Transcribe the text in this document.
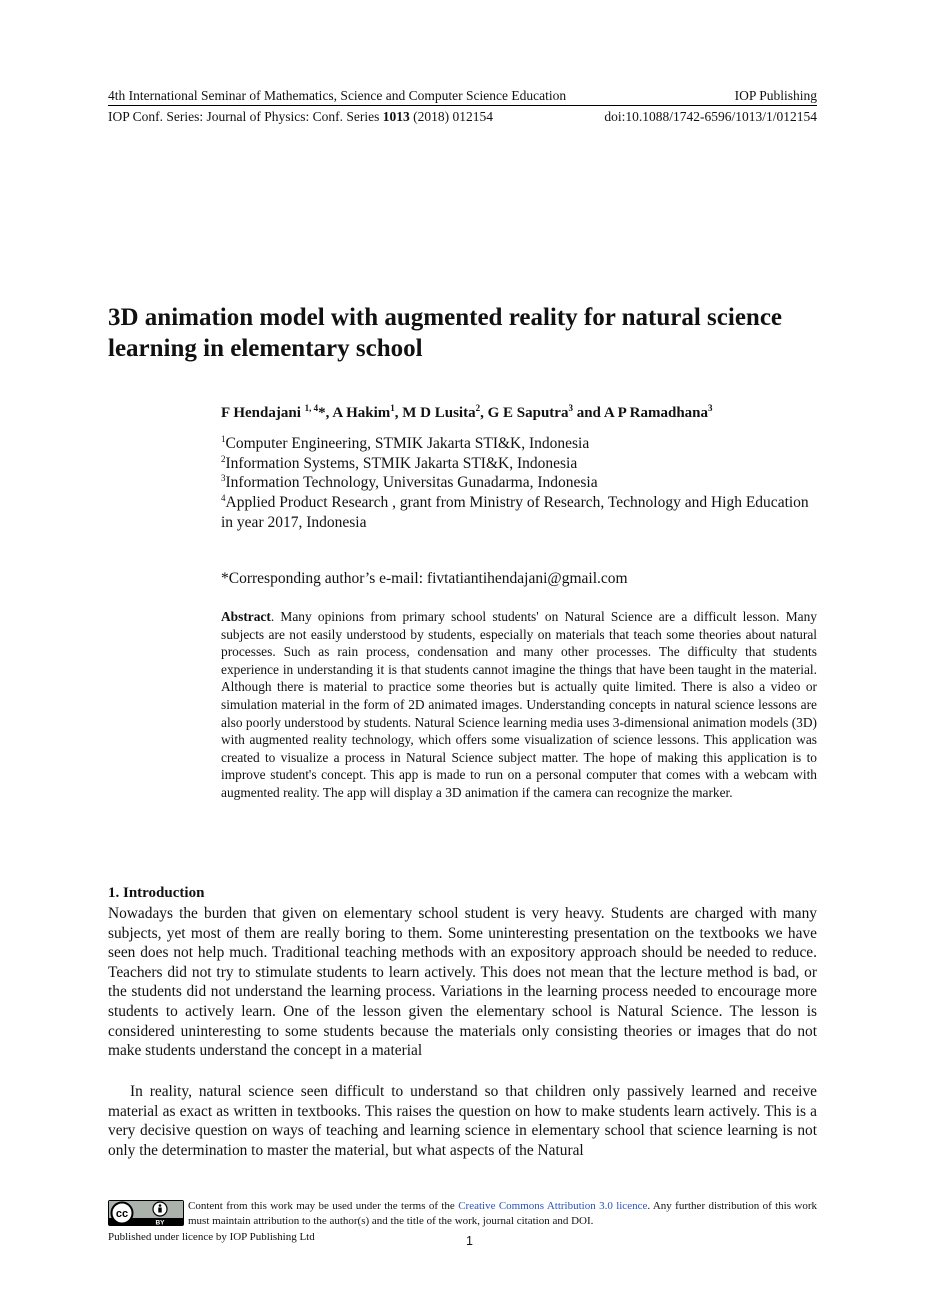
4th International Seminar of Mathematics, Science and Computer Science Education	IOP Publishing
IOP Conf. Series: Journal of Physics: Conf. Series 1013 (2018) 012154	doi:10.1088/1742-6596/1013/1/012154
3D animation model with augmented reality for natural science learning in elementary school
F Hendajani $^{1, 4}$*, A Hakim$^1$, M D Lusita$^2$, G E Saputra$^3$ and A P Ramadhana$^3$
$^1$Computer Engineering, STMIK Jakarta STI&K, Indonesia
$^2$Information Systems, STMIK Jakarta STI&K, Indonesia
$^3$Information Technology, Universitas Gunadarma, Indonesia
$^4$Applied Product Research , grant from Ministry of Research, Technology and High Education in year 2017, Indonesia
*Corresponding author’s e-mail: fivtatiantihendajani@gmail.com
Abstract. Many opinions from primary school students' on Natural Science are a difficult lesson. Many subjects are not easily understood by students, especially on materials that teach some theories about natural processes. Such as rain process, condensation and many other processes. The difficulty that students experience in understanding it is that students cannot imagine the things that have been taught in the material. Although there is material to practice some theories but is actually quite limited. There is also a video or simulation material in the form of 2D animated images. Understanding concepts in natural science lessons are also poorly understood by students. Natural Science learning media uses 3-dimensional animation models (3D) with augmented reality technology, which offers some visualization of science lessons. This application was created to visualize a process in Natural Science subject matter. The hope of making this application is to improve student's concept. This app is made to run on a personal computer that comes with a webcam with augmented reality. The app will display a 3D animation if the camera can recognize the marker.
1. Introduction
Nowadays the burden that given on elementary school student is very heavy. Students are charged with many subjects, yet most of them are really boring to them. Some uninteresting presentation on the textbooks we have seen does not help much. Traditional teaching methods with an expository approach should be needed to reduce. Teachers did not try to stimulate students to learn actively. This does not mean that the lecture method is bad, or the students did not understand the learning process. Variations in the learning process needed to encourage more students to actively learn. One of the lesson given the elementary school is Natural Science. The lesson is considered uninteresting to some students because the materials only consisting theories or images that do not make students understand the concept in a material
In reality, natural science seen difficult to understand so that children only passively learned and receive material as exact as written in textbooks. This raises the question on how to make students learn actively. This is a very decisive question on ways of teaching and learning science in elementary school that science learning is not only the determination to master the material, but what aspects of the Natural
cc
BY
Content from this work may be used under the terms of the Creative Commons Attribution 3.0 licence. Any further distribution of this work must maintain attribution to the author(s) and the title of the work, journal citation and DOI.
Published under licence by IOP Publishing Ltd	1
